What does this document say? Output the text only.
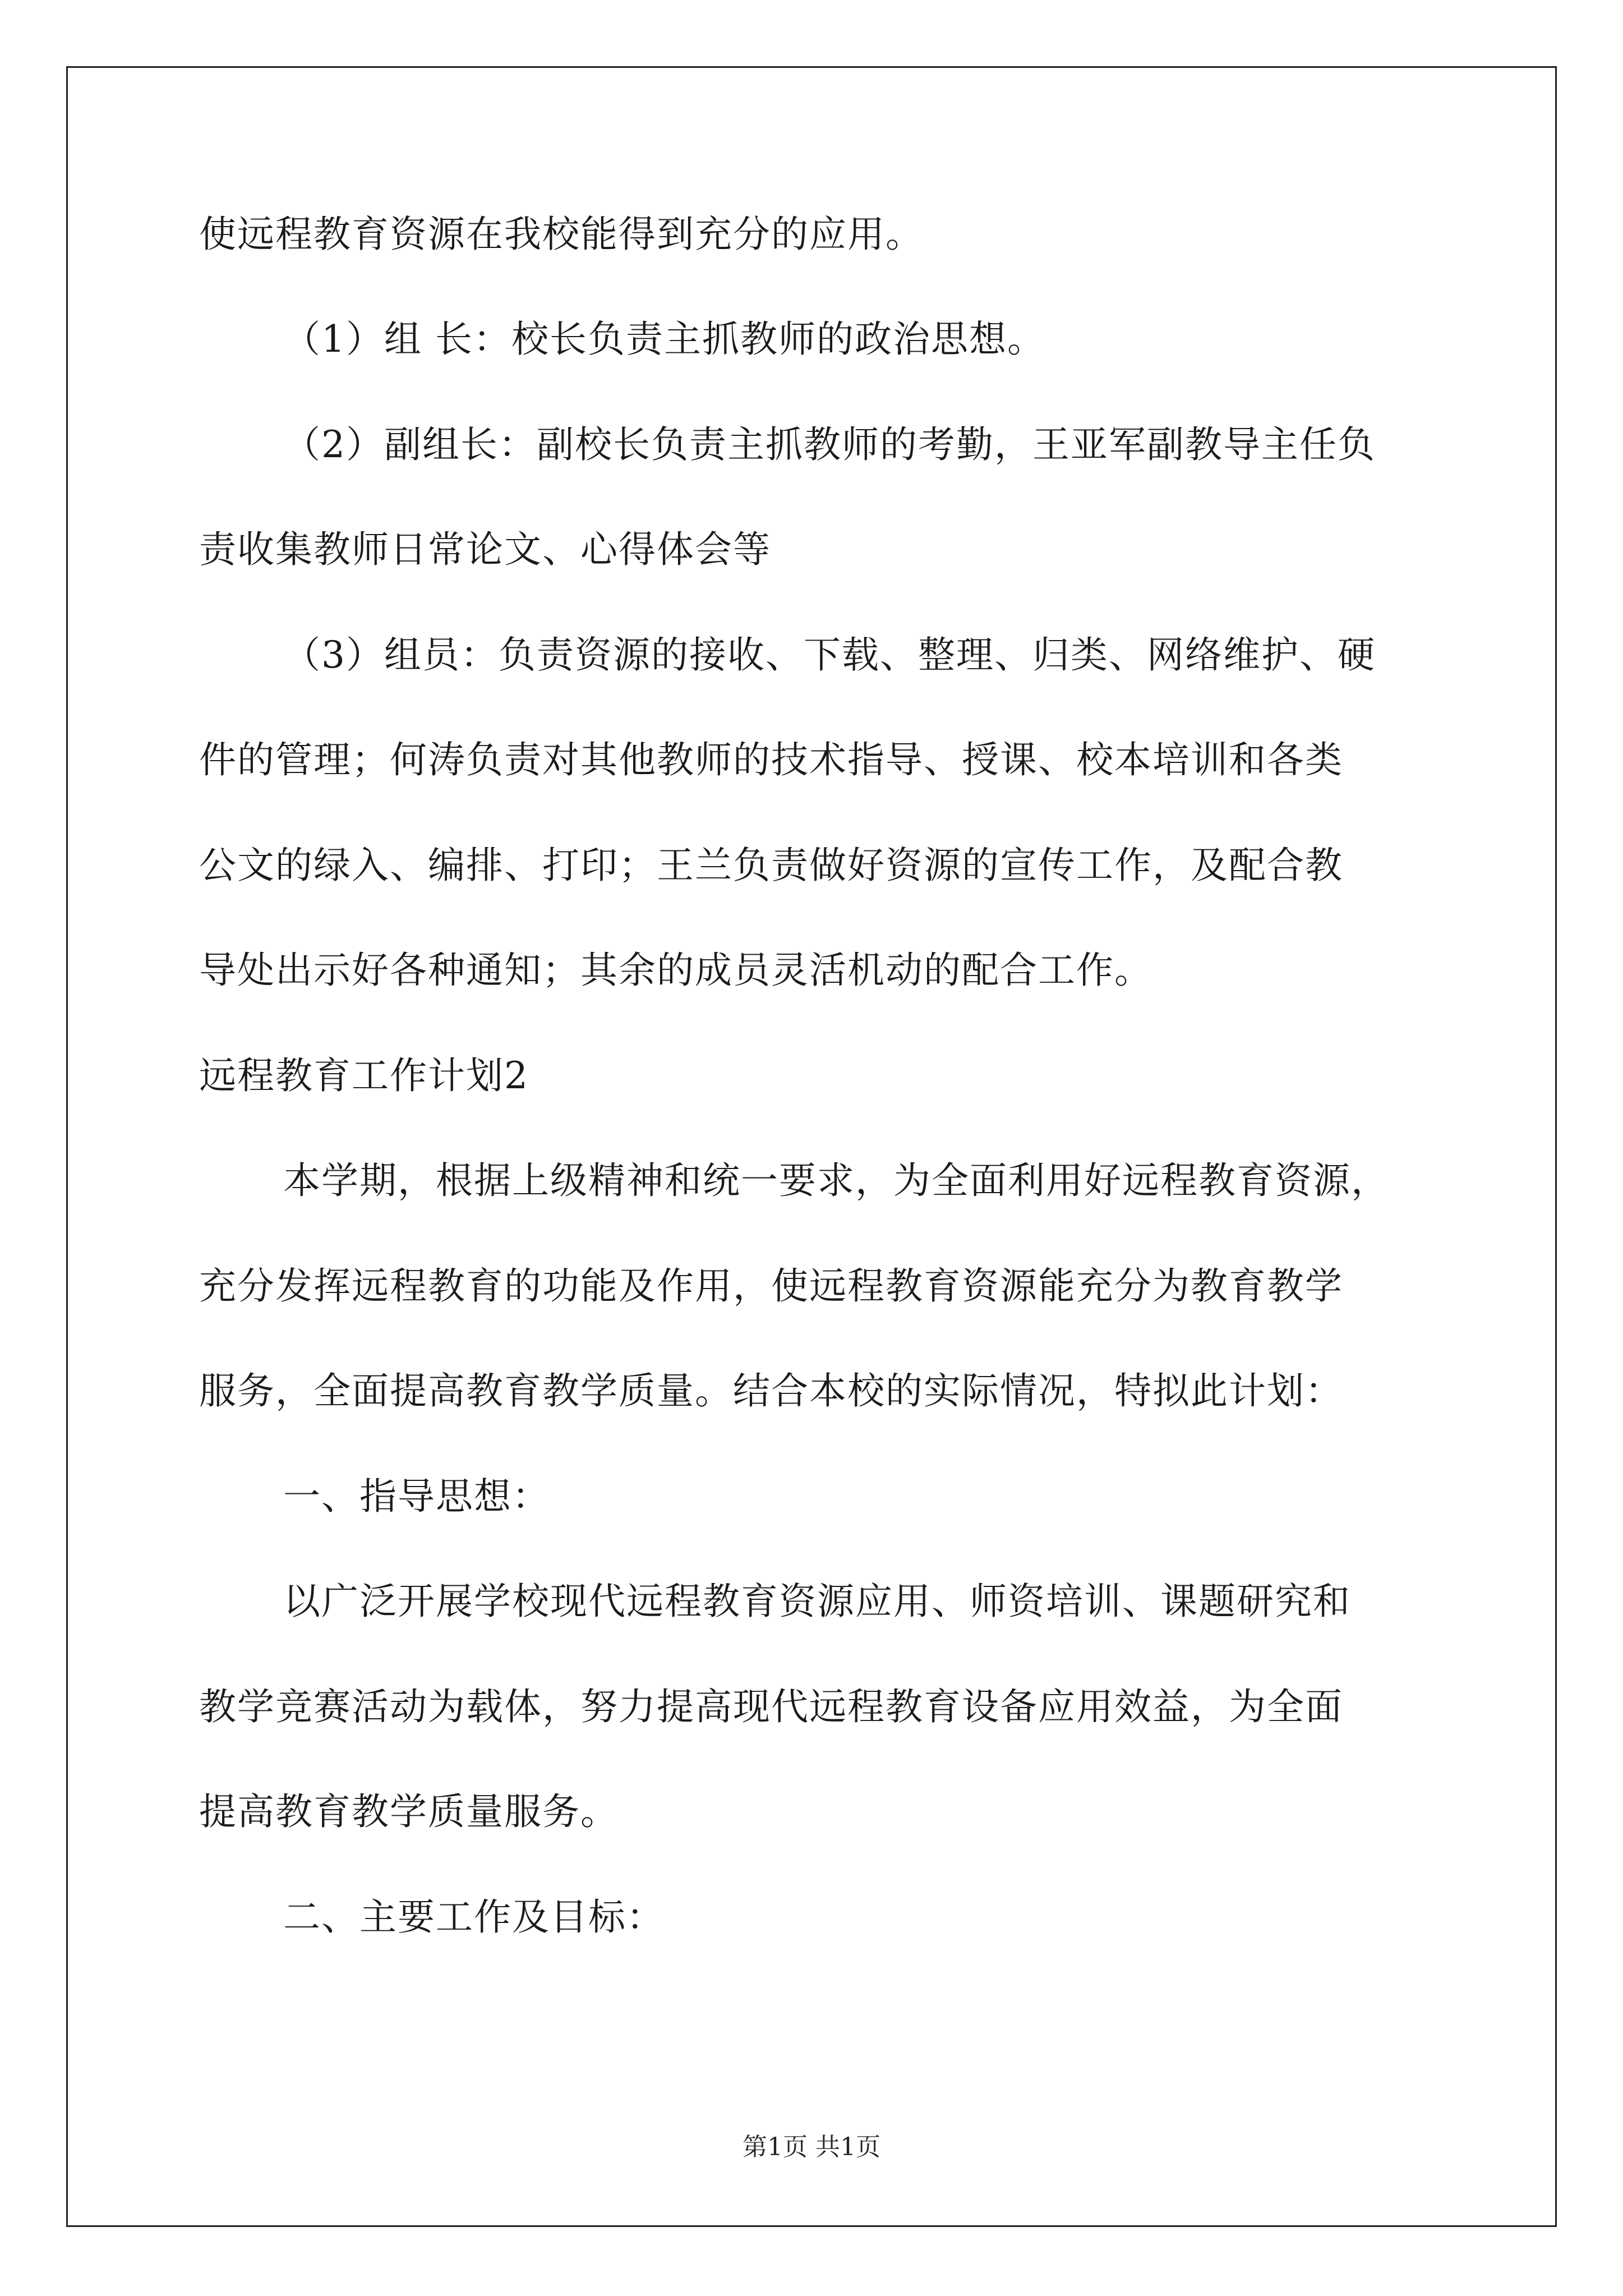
使远程教育资源在我校能得到充分的应用。
（1）组 长：校长负责主抓教师的政治思想。
（2）副组长：副校长负责主抓教师的考勤，王亚军副教导主任负
责收集教师日常论文、心得体会等
（3）组员：负责资源的接收、下载、整理、归类、网络维护、硬
件的管理；何涛负责对其他教师的技术指导、授课、校本培训和各类
公文的绿入、编排、打印；王兰负责做好资源的宣传工作，及配合教
导处出示好各种通知；其余的成员灵活机动的配合工作。
远程教育工作计划2
本学期，根据上级精神和统一要求，为全面利用好远程教育资源，
充分发挥远程教育的功能及作用，使远程教育资源能充分为教育教学
服务，全面提高教育教学质量。结合本校的实际情况，特拟此计划：
一、指导思想：
以广泛开展学校现代远程教育资源应用、师资培训、课题研究和
教学竞赛活动为载体，努力提高现代远程教育设备应用效益，为全面
提高教育教学质量服务。
二、主要工作及目标：
第1页 共1页
